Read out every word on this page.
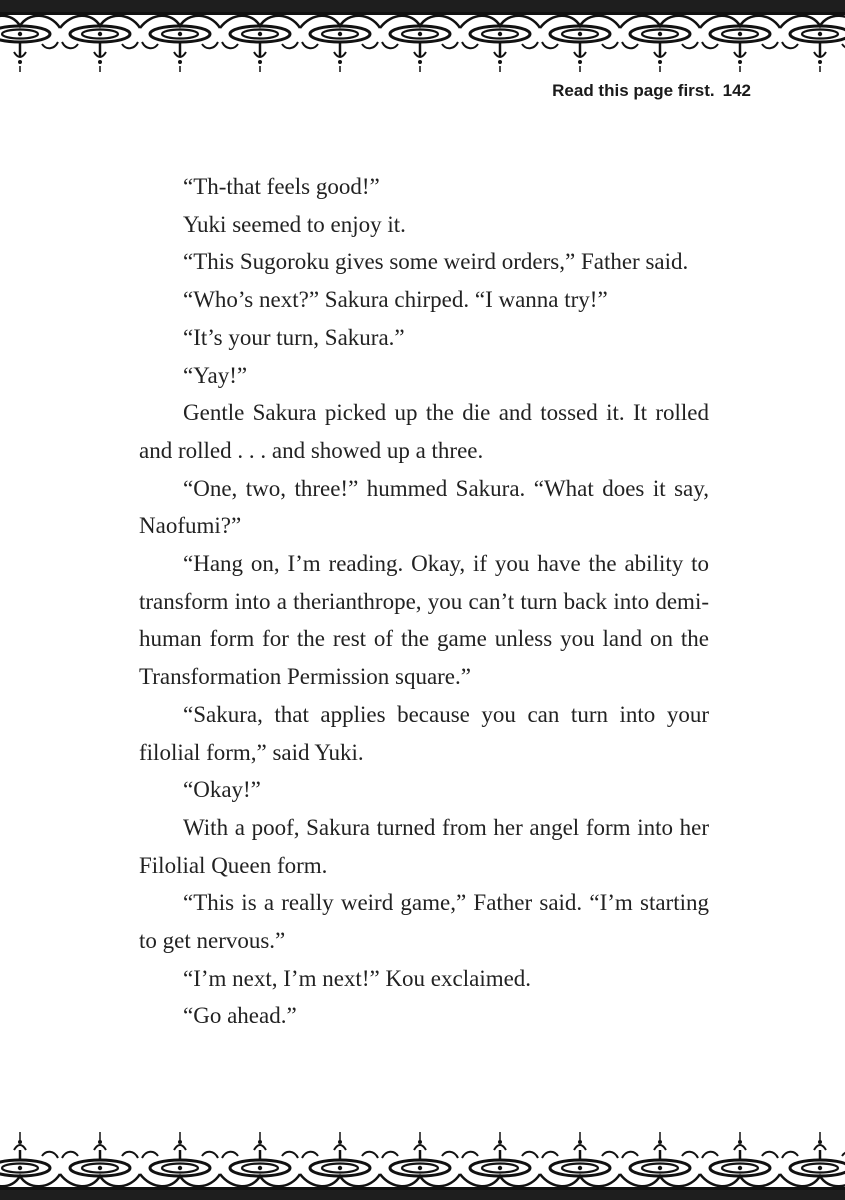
Read this page first. 142

“Th-that feels good!”

Yuki seemed to enjoy it.

“This Sugoroku gives some weird orders,” Father said.

“Who’s next?” Sakura chirped. “I wanna try!”

“It’s your turn, Sakura.”

“Yay!”

Gentle Sakura picked up the die and tossed it. It rolled and rolled . . . and showed up a three.

“One, two, three!” hummed Sakura. “What does it say, Naofumi?”

“Hang on, I’m reading. Okay, if you have the ability to transform into a therianthrope, you can’t turn back into demi-human form for the rest of the game unless you land on the Transformation Permission square.”

“Sakura, that applies because you can turn into your filolial form,” said Yuki.

“Okay!”

With a poof, Sakura turned from her angel form into her Filolial Queen form.

“This is a really weird game,” Father said. “I’m starting to get nervous.”

“I’m next, I’m next!” Kou exclaimed.

“Go ahead.”
